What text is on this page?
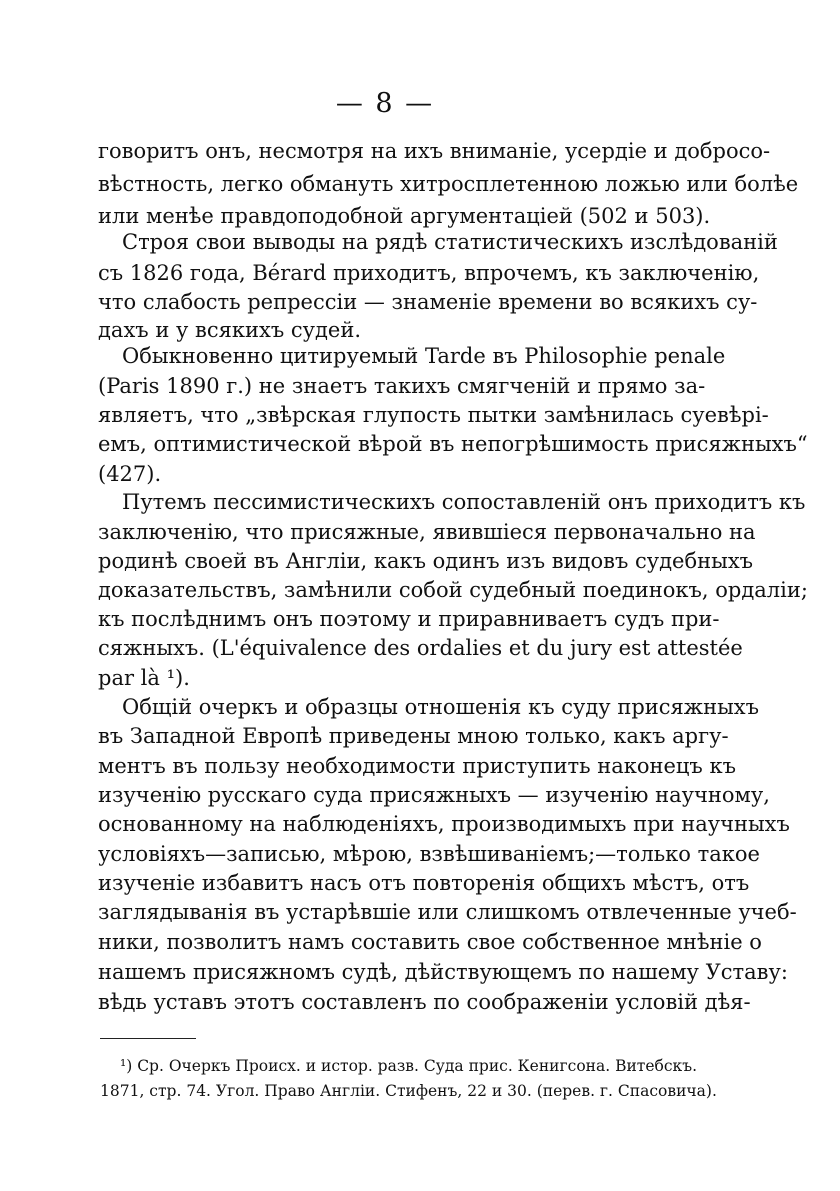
— 8 —
говоритъ онъ, несмотря на ихъ вниманіе, усердіе и добросо-
вѣстность, легко обмануть хитросплетенною ложью или болѣе
или менѣе правдоподобной аргументаціей (502 и 503).
Строя свои выводы на рядѣ статистическихъ изслѣдованій
съ 1826 года, Bérard приходитъ, впрочемъ, къ заключенію,
что слабость репрессіи — знаменіе времени во всякихъ су-
дахъ и у всякихъ судей.
Обыкновенно цитируемый Tarde въ Philosophie penale
(Paris 1890 г.) не знаетъ такихъ смягченій и прямо за-
являетъ, что „звѣрская глупость пытки замѣнилась суевѣрі-
емъ, оптимистической вѣрой въ непогрѣшимость присяжныхъ“
(427).
Путемъ пессимистическихъ сопоставленій онъ приходитъ къ
заключенію, что присяжные, явившіеся первоначально на
родинѣ своей въ Англіи, какъ одинъ изъ видовъ судебныхъ
доказательствъ, замѣнили собой судебный поединокъ, ордаліи;
къ послѣднимъ онъ поэтому и приравниваетъ судъ при-
сяжныхъ. (L'équivalence des ordalies et du jury est attestée
par là ¹).
Общій очеркъ и образцы отношенія къ суду присяжныхъ
въ Западной Европѣ приведены мною только, какъ аргу-
ментъ въ пользу необходимости приступить наконецъ къ
изученію русскаго суда присяжныхъ — изученію научному,
основанному на наблюденіяхъ, производимыхъ при научныхъ
условіяхъ—записью, мѣрою, взвѣшиваніемъ;—только такое
изученіе избавитъ насъ отъ повторенія общихъ мѣстъ, отъ
заглядыванія въ устарѣвшіе или слишкомъ отвлеченные учеб-
ники, позволитъ намъ составить свое собственное мнѣніе о
нашемъ присяжномъ судѣ, дѣйствующемъ по нашему Уставу:
вѣдь уставъ этотъ составленъ по соображеніи условій дѣя-
¹) Ср. Очеркъ Происх. и истор. разв. Суда прис. Кенигсона. Витебскъ.
1871, стр. 74. Угол. Право Англіи. Стифенъ, 22 и 30. (перев. г. Спасовича).
